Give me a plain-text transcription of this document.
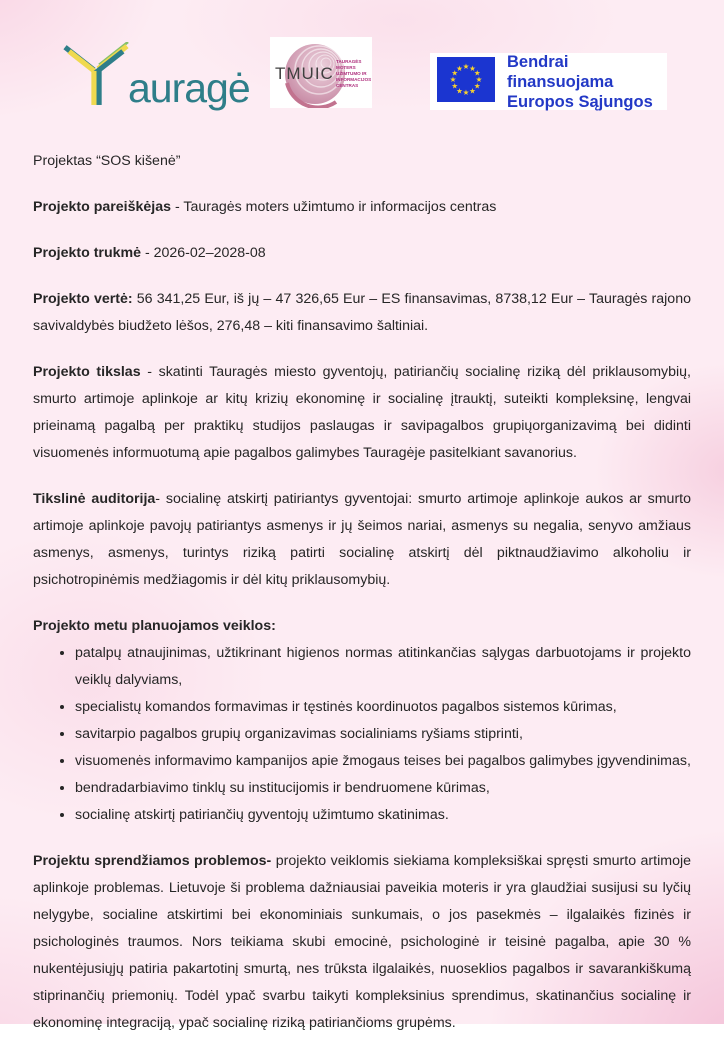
auragė TMUIC
TAURAGĖS
MOTERS
UŽIMTUMO IR
INFORMACIJOS
CENTRAS
★ ★
★
★
★
★
★
★
★
★
★
★	Bendrai finansuojama
Europos Sąjungos

Projektas “SOS kišenė”

Projekto pareiškėjas - Tauragės moters užimtumo ir informacijos centras

Projekto trukmė - 2026-02–2028-08

Projekto vertė: 56 341,25 Eur, iš jų – 47 326,65 Eur – ES finansavimas, 8738,12 Eur – Tauragės rajono savivaldybės biudžeto lėšos, 276,48 – kiti finansavimo šaltiniai.

Projekto tikslas - skatinti Tauragės miesto gyventojų, patiriančių socialinę riziką dėl priklausomybių, smurto artimoje aplinkoje ar kitų krizių ekonominę ir socialinę įtrauktį, suteikti kompleksinę, lengvai prieinamą pagalbą per praktikų studijos paslaugas ir savipagalbos grupiųorganizavimą bei didinti visuomenės informuotumą apie pagalbos galimybes Tauragėje pasitelkiant savanorius.

Tikslinė auditorija- socialinę atskirtį patiriantys gyventojai: smurto artimoje aplinkoje aukos ar smurto artimoje aplinkoje pavojų patiriantys asmenys ir jų šeimos nariai, asmenys su negalia, senyvo amžiaus asmenys, asmenys, turintys riziką patirti socialinę atskirtį dėl piktnaudžiavimo alkoholiu ir psichotropinėmis medžiagomis ir dėl kitų priklausomybių.

Projekto metu planuojamos veiklos:

• patalpų atnaujinimas, užtikrinant higienos normas atitinkančias sąlygas darbuotojams ir projekto veiklų dalyviams,
• specialistų komandos formavimas ir tęstinės koordinuotos pagalbos sistemos kūrimas,
• savitarpio pagalbos grupių organizavimas socialiniams ryšiams stiprinti,
• visuomenės informavimo kampanijos apie žmogaus teises bei pagalbos galimybes įgyvendinimas,
• bendradarbiavimo tinklų su institucijomis ir bendruomene kūrimas,
• socialinę atskirtį patiriančių gyventojų užimtumo skatinimas.

Projektu sprendžiamos problemos- projekto veiklomis siekiama kompleksiškai spręsti smurto artimoje aplinkoje problemas. Lietuvoje ši problema dažniausiai paveikia moteris ir yra glaudžiai susijusi su lyčių nelygybe, socialine atskirtimi bei ekonominiais sunkumais, o jos pasekmės – ilgalaikės fizinės ir psichologinės traumos. Nors teikiama skubi emocinė, psichologinė ir teisinė pagalba, apie 30 % nukentėjusiųjų patiria pakartotinį smurtą, nes trūksta ilgalaikės, nuoseklios pagalbos ir savarankiškumą stiprinančių priemonių. Todėl ypač svarbu taikyti kompleksinius sprendimus, skatinančius socialinę ir ekonominę integraciją, ypač socialinę riziką patiriančioms grupėms.
